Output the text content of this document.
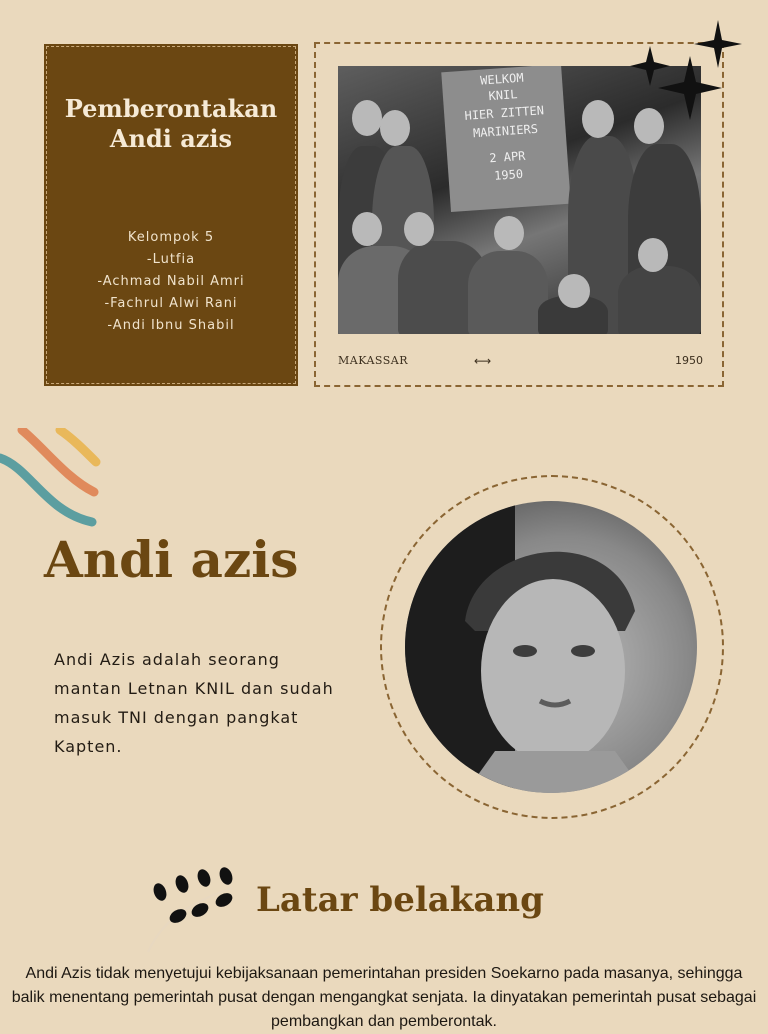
Pemberontakan
Andi azis
Kelompok 5
-Lutfia
-Achmad Nabil Amri
-Fachrul Alwi Rani
-Andi Ibnu Shabil
WELKOM
KNIL
HIER ZITTEN
MARINIERS
2 APR
1950
MAKASSAR	⟷	1950
Andi azis
Andi Azis adalah seorang mantan Letnan KNIL dan sudah masuk TNI dengan pangkat Kapten.
Latar belakang
Andi Azis tidak menyetujui kebijaksanaan pemerintahan presiden Soekarno pada masanya, sehingga balik menentang pemerintah pusat dengan mengangkat senjata. Ia dinyatakan pemerintah pusat sebagai pembangkan dan pemberontak.
